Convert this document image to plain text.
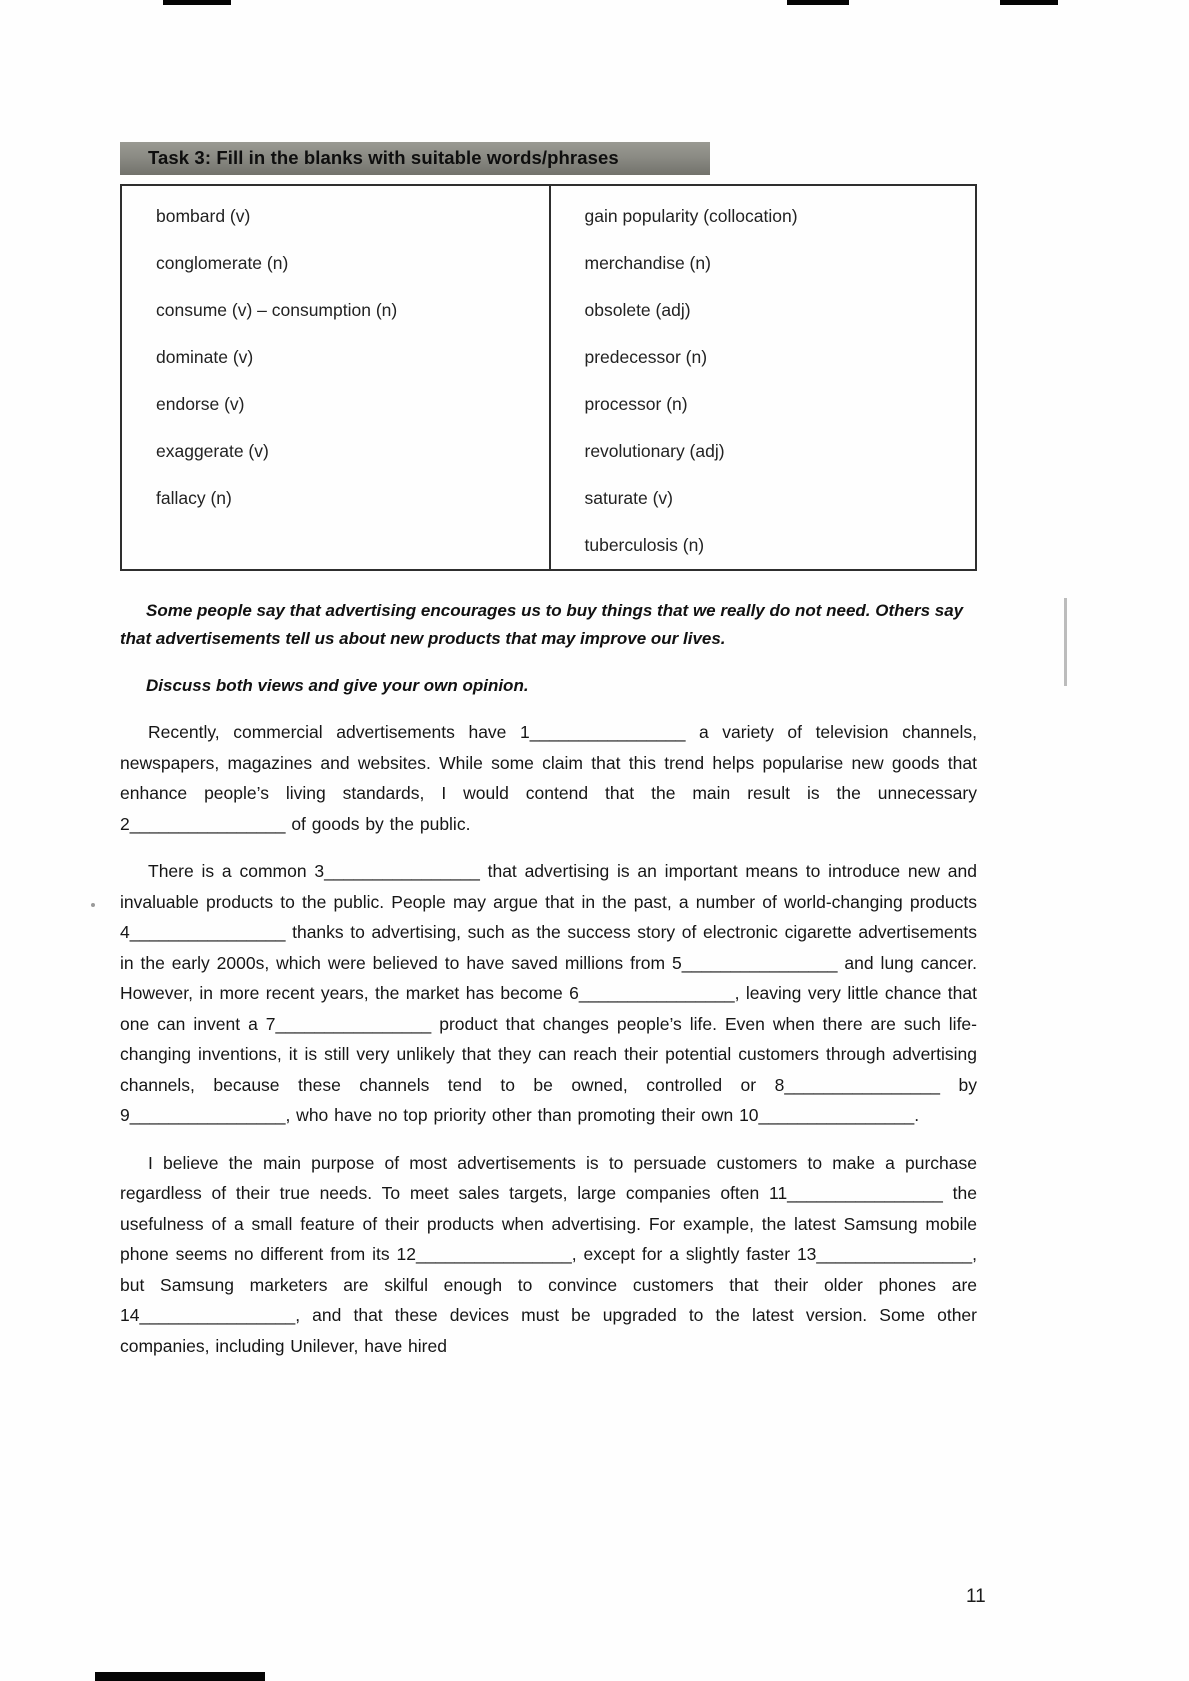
Task 3: Fill in the blanks with suitable words/phrases
bombard (v)
conglomerate (n)
consume (v) – consumption (n)
dominate (v)
endorse (v)
exaggerate (v)
fallacy (n)
gain popularity (collocation)
merchandise (n)
obsolete (adj)
predecessor (n)
processor (n)
revolutionary (adj)
saturate (v)
tuberculosis (n)

Some people say that advertising encourages us to buy things that we really do not need. Others say that advertisements tell us about new products that may improve our lives.

Discuss both views and give your own opinion.

Recently, commercial advertisements have 1________________ a variety of television channels, newspapers, magazines and websites. While some claim that this trend helps popularise new goods that enhance people’s living standards, I would contend that the main result is the unnecessary 2________________ of goods by the public.

There is a common 3________________ that advertising is an important means to introduce new and invaluable products to the public. People may argue that in the past, a number of world-changing products 4________________ thanks to advertising, such as the success story of electronic cigarette advertisements in the early 2000s, which were believed to have saved millions from 5________________ and lung cancer. However, in more recent years, the market has become 6________________, leaving very little chance that one can invent a 7________________ product that changes people’s life. Even when there are such life-changing inventions, it is still very unlikely that they can reach their potential customers through advertising channels, because these channels tend to be owned, controlled or 8________________ by 9________________, who have no top priority other than promoting their own 10________________.

I believe the main purpose of most advertisements is to persuade customers to make a purchase regardless of their true needs. To meet sales targets, large companies often 11________________ the usefulness of a small feature of their products when advertising. For example, the latest Samsung mobile phone seems no different from its 12________________, except for a slightly faster 13________________, but Samsung marketers are skilful enough to convince customers that their older phones are 14________________, and that these devices must be upgraded to the latest version. Some other companies, including Unilever, have hired

11
